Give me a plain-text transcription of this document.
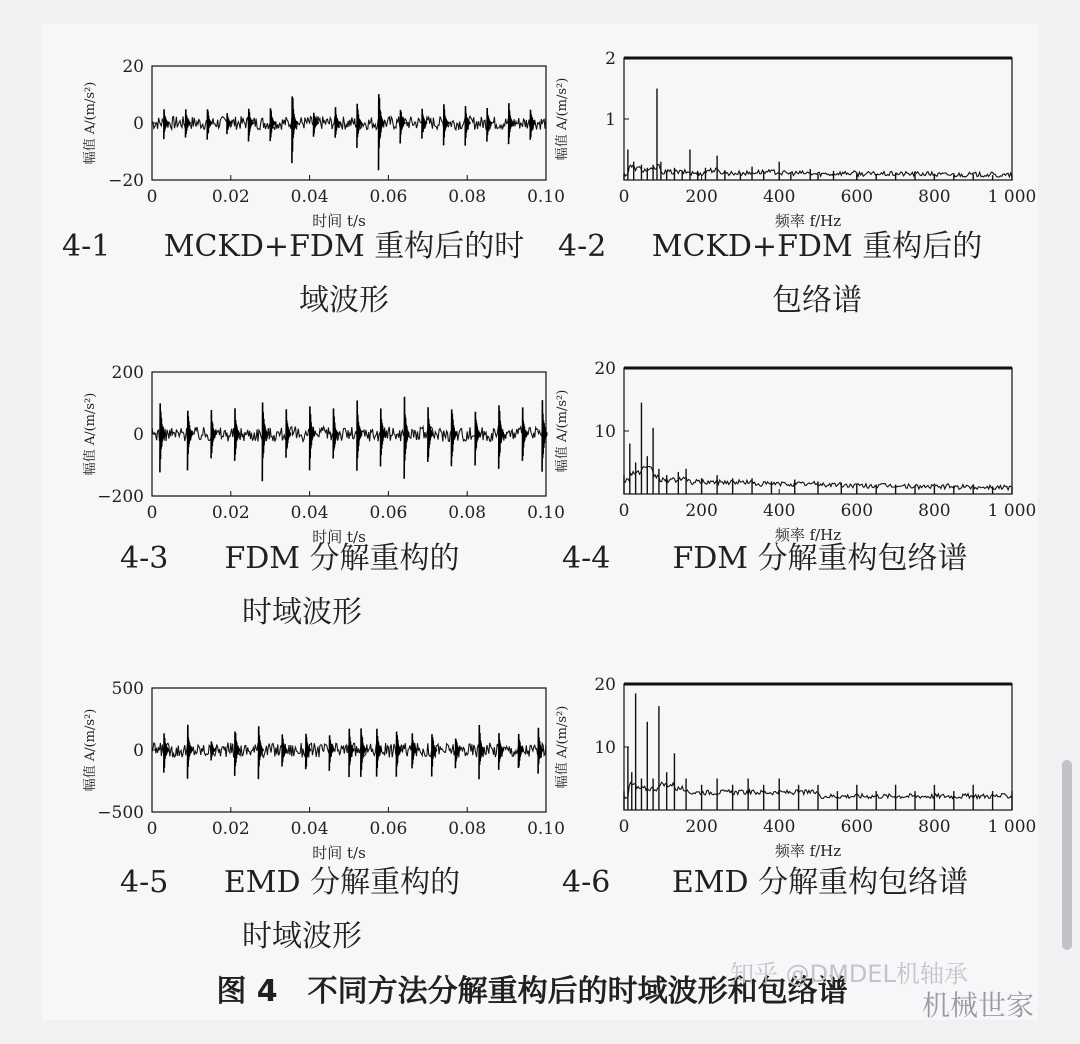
幅值 A/(m/s²)
20
0
−20
0	0.02 0.04 0.06 0.08 0.10
时间 t/s
4-1	MCKD+FDM 重构后的时
域波形
幅值 A/(m/s²)
2
1
0	200	400	600	800 1 000
频率 f/Hz
4-2	MCKD+FDM 重构后的
包络谱
幅值 A/(m/s²)
200
0
−200
0	0.02 0.04 0.06 0.08 0.10
时间 t/s
4-3	FDM 分解重构的
时域波形
幅值 A/(m/s²)
20
10
0	200	400	600	800 1 000
频率 f/Hz
4-4	FDM 分解重构包络谱
幅值 A/(m/s²)
500
0
−500
0	0.02 0.04 0.06 0.08 0.10
时间 t/s
4-5	EMD 分解重构的
时域波形
幅值 A/(m/s²)
20
10
0	200	400	600	800 1 000
频率 f/Hz
4-6	EMD 分解重构包络谱
图 4　不同方法分解重构后的时域波形和包络谱
知乎 @DMDEL机轴承
机械世家
